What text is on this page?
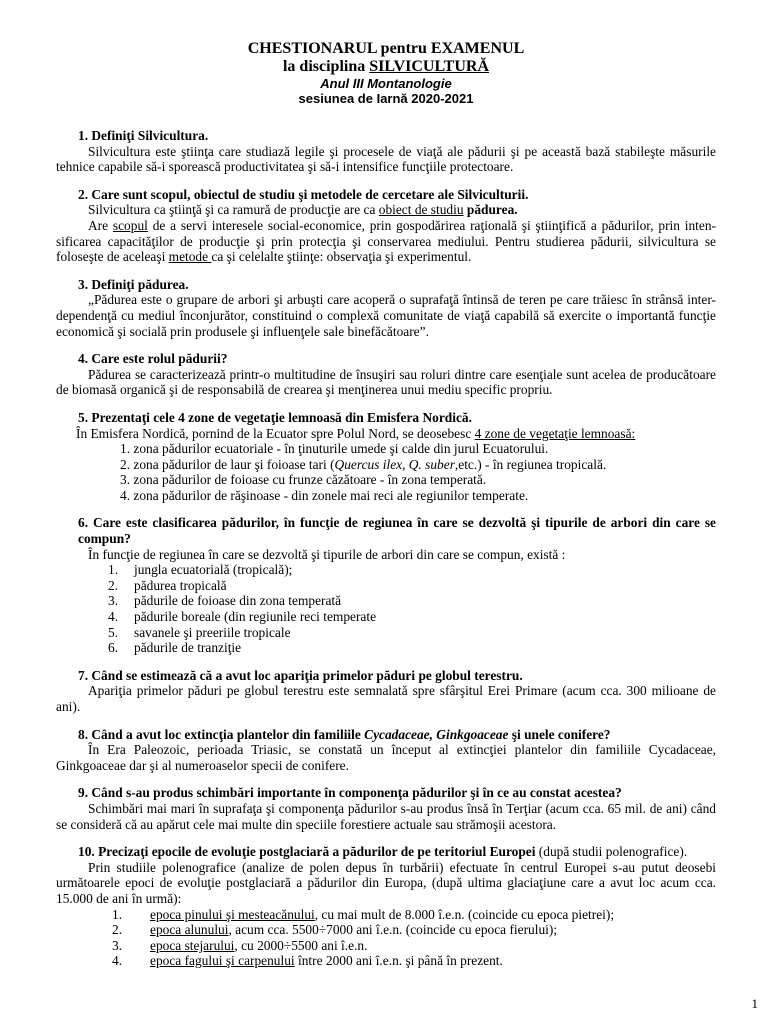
CHESTIONARUL pentru EXAMENUL
la disciplina SILVICULTURĂ
Anul III Montanologie
sesiunea de Iarnă 2020-2021
1. Definiţi Silvicultura.

Silvicultura este ştiinţa care studiază legile şi procesele de viaţă ale pădurii şi pe această bază stabileşte măsurile tehnice capabile să-i sporească productivitatea şi să-i intensifice funcţiile protectoare.

2. Care sunt scopul, obiectul de studiu şi metodele de cercetare ale Silviculturii.

Silvicultura ca ştiinţă şi ca ramură de producţie are ca obiect de studiu pădurea.

Are scopul de a servi interesele social-economice, prin gospodărirea raţională şi ştiinţifică a pădurilor, prin inten-sificarea capacităţilor de producţie şi prin protecţia şi conservarea mediului. Pentru studierea pădurii, silvicultura se foloseşte de aceleaşi metode ca şi celelalte ştiinţe: observaţia şi experimentul.

3. Definiţi pădurea.

„Pădurea este o grupare de arbori şi arbuşti care acoperă o suprafaţă întinsă de teren pe care trăiesc în strânsă inter-dependenţă cu mediul înconjurător, constituind o complexă comunitate de viaţă capabilă să exercite o importantă funcţie economică şi socială prin produsele şi influenţele sale binefăcătoare”.

4. Care este rolul pădurii?

Pădurea se caracterizează printr-o multitudine de însuşiri sau roluri dintre care esenţiale sunt acelea de producătoare de biomasă organică şi de responsabilă de crearea şi menţinerea unui mediu specific propriu.

5. Prezentaţi cele 4 zone de vegetaţie lemnoasă din Emisfera Nordică.

În Emisfera Nordică, pornind de la Ecuator spre Polul Nord, se deosebesc 4 zone de vegetaţie lemnoasă:

1. zona pădurilor ecuatoriale - în ţinuturile umede şi calde din jurul Ecuatorului.
2. zona pădurilor de laur şi foioase tari (Quercus ilex, Q. suber,etc.) - în regiunea tropicală.
3. zona pădurilor de foioase cu frunze căzătoare - în zona temperată.
4. zona pădurilor de răşinoase - din zonele mai reci ale regiunilor temperate.
6. Care este clasificarea pădurilor, în funcţie de regiunea în care se dezvoltă şi tipurile de arbori din care se compun?

În funcţie de regiunea în care se dezvoltă şi tipurile de arbori din care se compun, există :

1.	jungla ecuatorială (tropicală);
2.	pădurea tropicală
3.	pădurile de foioase din zona temperată
4.	pădurile boreale (din regiunile reci temperate
5.	savanele şi preeriile tropicale
6.	pădurile de tranziţie
7. Când se estimează că a avut loc apariţia primelor păduri pe globul terestru.

Apariţia primelor păduri pe globul terestru este semnalată spre sfârşitul Erei Primare (acum cca. 300 milioane de ani).

8. Când a avut loc extincţia plantelor din familiile Cycadaceae, Ginkgoaceae şi unele conifere?

În Era Paleozoic, perioada Triasic, se constată un început al extincţiei plantelor din familiile Cycadaceae, Ginkgoaceae dar şi al numeroaselor specii de conifere.

9. Când s-au produs schimbări importante în componenţa pădurilor şi în ce au constat acestea?

Schimbări mai mari în suprafaţa şi componenţa pădurilor s-au produs însă în Terţiar (acum cca. 65 mil. de ani) când se consideră că au apărut cele mai multe din speciile forestiere actuale sau strămoşii acestora.

10. Precizaţi epocile de evoluţie postglaciară a pădurilor de pe teritoriul Europei (după studii polenografice).

Prin studiile polenografice (analize de polen depus în turbării) efectuate în centrul Europei s-au putut deosebi următoarele epoci de evoluţie postglaciară a pădurilor din Europa, (după ultima glaciaţiune care a avut loc acum cca. 15.000 de ani în urmă):

1.	epoca pinului şi mesteacănului, cu mai mult de 8.000 î.e.n. (coincide cu epoca pietrei);
2.	epoca alunului, acum cca. 5500÷7000 ani î.e.n. (coincide cu epoca fierului);
3.	epoca stejarului, cu 2000÷5500 ani î.e.n.
4.	epoca fagului şi carpenului între 2000 ani î.e.n. şi până în prezent.
1
